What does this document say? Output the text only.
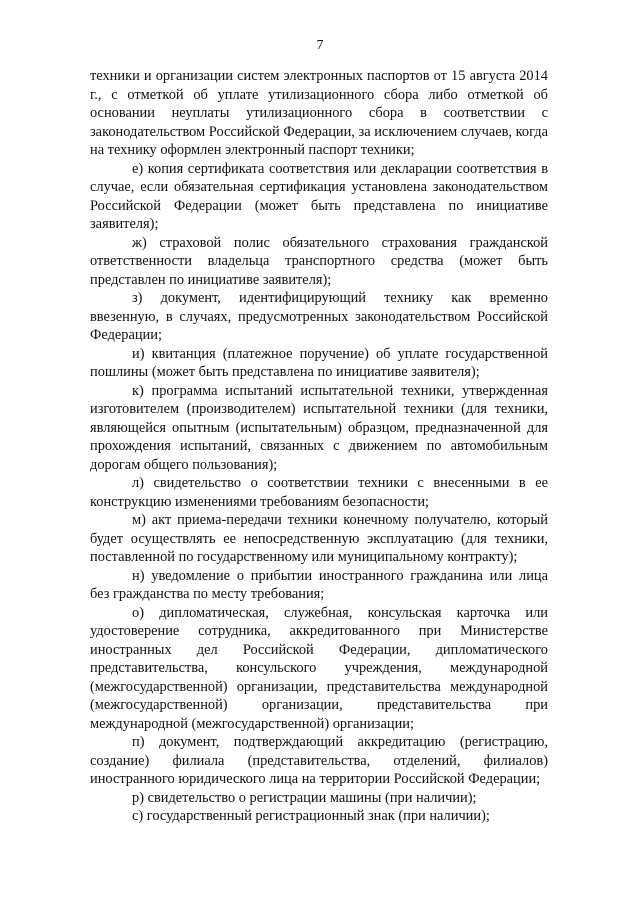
7

техники и организации систем электронных паспортов от 15 августа 2014 г., с отметкой об уплате утилизационного сбора либо отметкой об основании неуплаты утилизационного сбора в соответствии с законодательством Российской Федерации, за исключением случаев, когда на технику оформлен электронный паспорт техники;

е) копия сертификата соответствия или декларации соответствия в случае, если обязательная сертификация установлена законодательством Российской Федерации (может быть представлена по инициативе заявителя);

ж) страховой полис обязательного страхования гражданской ответственности владельца транспортного средства (может быть представлен по инициативе заявителя);

з) документ, идентифицирующий технику как временно ввезенную, в случаях, предусмотренных законодательством Российской Федерации;

и) квитанция (платежное поручение) об уплате государственной пошлины (может быть представлена по инициативе заявителя);

к) программа испытаний испытательной техники, утвержденная изготовителем (производителем) испытательной техники (для техники, являющейся опытным (испытательным) образцом, предназначенной для прохождения испытаний, связанных с движением по автомобильным дорогам общего пользования);

л) свидетельство о соответствии техники с внесенными в ее конструкцию изменениями требованиям безопасности;

м) акт приема-передачи техники конечному получателю, который будет осуществлять ее непосредственную эксплуатацию (для техники, поставленной по государственному или муниципальному контракту);

н) уведомление о прибытии иностранного гражданина или лица без гражданства по месту требования;

о) дипломатическая, служебная, консульская карточка или удостоверение сотрудника, аккредитованного при Министерстве иностранных дел Российской Федерации, дипломатического представительства, консульского учреждения, международной (межгосударственной) организации, представительства международной (межгосударственной) организации, представительства при международной (межгосударственной) организации;

п) документ, подтверждающий аккредитацию (регистрацию, создание) филиала (представительства, отделений, филиалов) иностранного юридического лица на территории Российской Федерации;

р) свидетельство о регистрации машины (при наличии);

с) государственный регистрационный знак (при наличии);
